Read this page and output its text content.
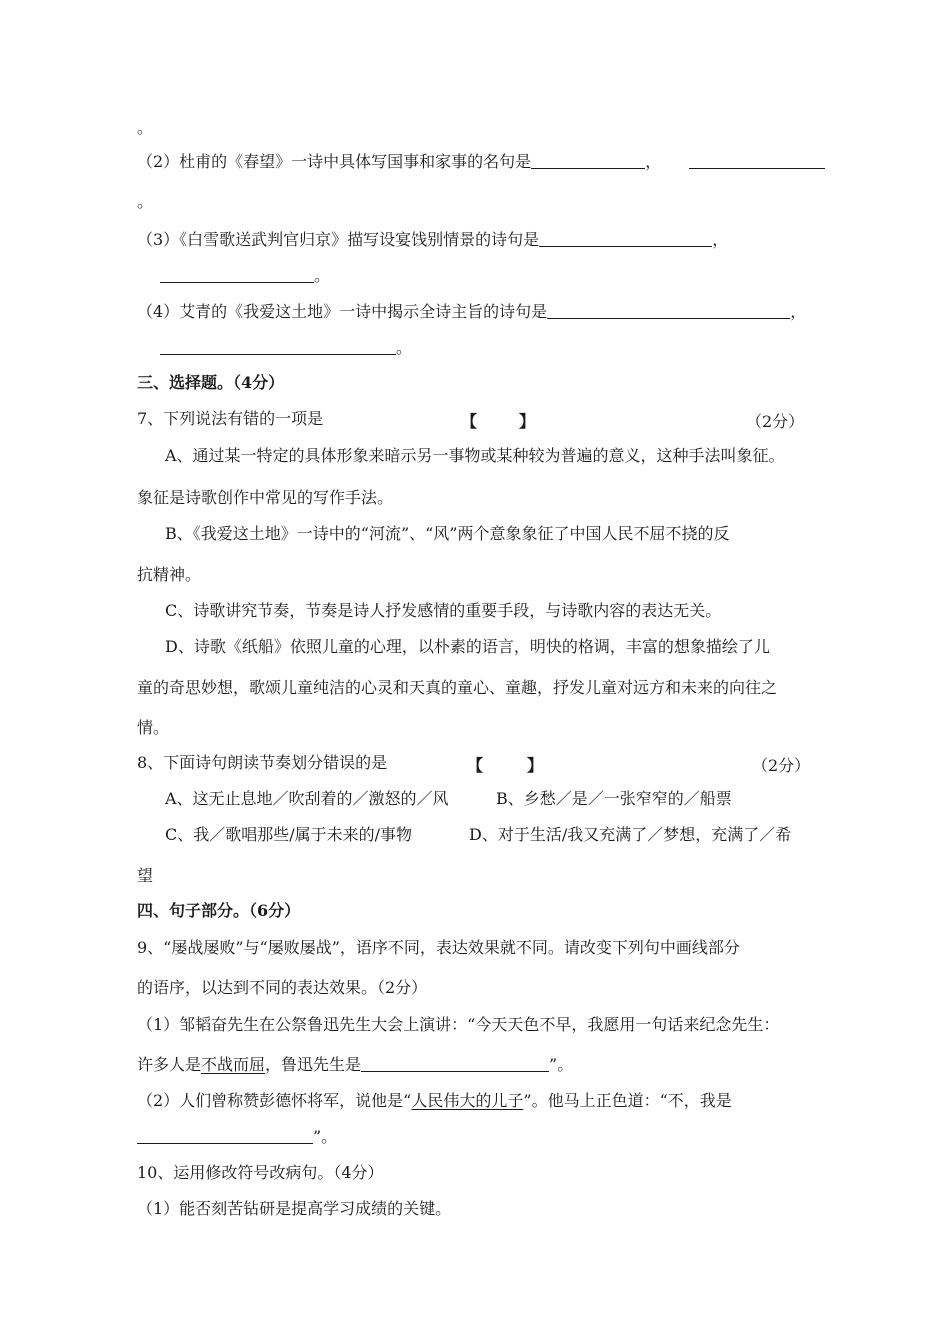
。
（2）杜甫的《春望》一诗中具体写国事和家事的名句是	，
。
（3）《白雪歌送武判官归京》描写设宴饯别情景的诗句是	，
。
（4）艾青的《我爱这土地》一诗中揭示全诗主旨的诗句是	，
。
三、选择题。（4分）
7、下列说法有错的一项是	【	】	（2分）
A、通过某一特定的具体形象来暗示另一事物或某种较为普遍的意义，这种手法叫象征。
象征是诗歌创作中常见的写作手法。
B、《我爱这土地》一诗中的“河流”、“风”两个意象象征了中国人民不屈不挠的反
抗精神。
C、诗歌讲究节奏，节奏是诗人抒发感情的重要手段，与诗歌内容的表达无关。
D、诗歌《纸船》依照儿童的心理，以朴素的语言，明快的格调，丰富的想象描绘了儿
童的奇思妙想，歌颂儿童纯洁的心灵和天真的童心、童趣，抒发儿童对远方和未来的向往之
情。
8、下面诗句朗读节奏划分错误的是	【	】	（2分）
A、这无止息地／吹刮着的／激怒的／风	B、乡愁／是／一张窄窄的／船票
C、我／歌唱那些/属于未来的/事物	D、对于生活/我又充满了／梦想，充满了／希
望
四、句子部分。（6分）
9、“屡战屡败”与“屡败屡战”，语序不同，表达效果就不同。请改变下列句中画线部分
的语序，以达到不同的表达效果。（2分）
（1）邹韬奋先生在公祭鲁迅先生大会上演讲：“今天天色不早，我愿用一句话来纪念先生：
许多人是不战而屈，鲁迅先生是	”。
（2）人们曾称赞彭德怀将军，说他是“人民伟大的儿子”。他马上正色道：“不，我是
”。
10、运用修改符号改病句。（4分）
（1）能否刻苦钻研是提高学习成绩的关键。
